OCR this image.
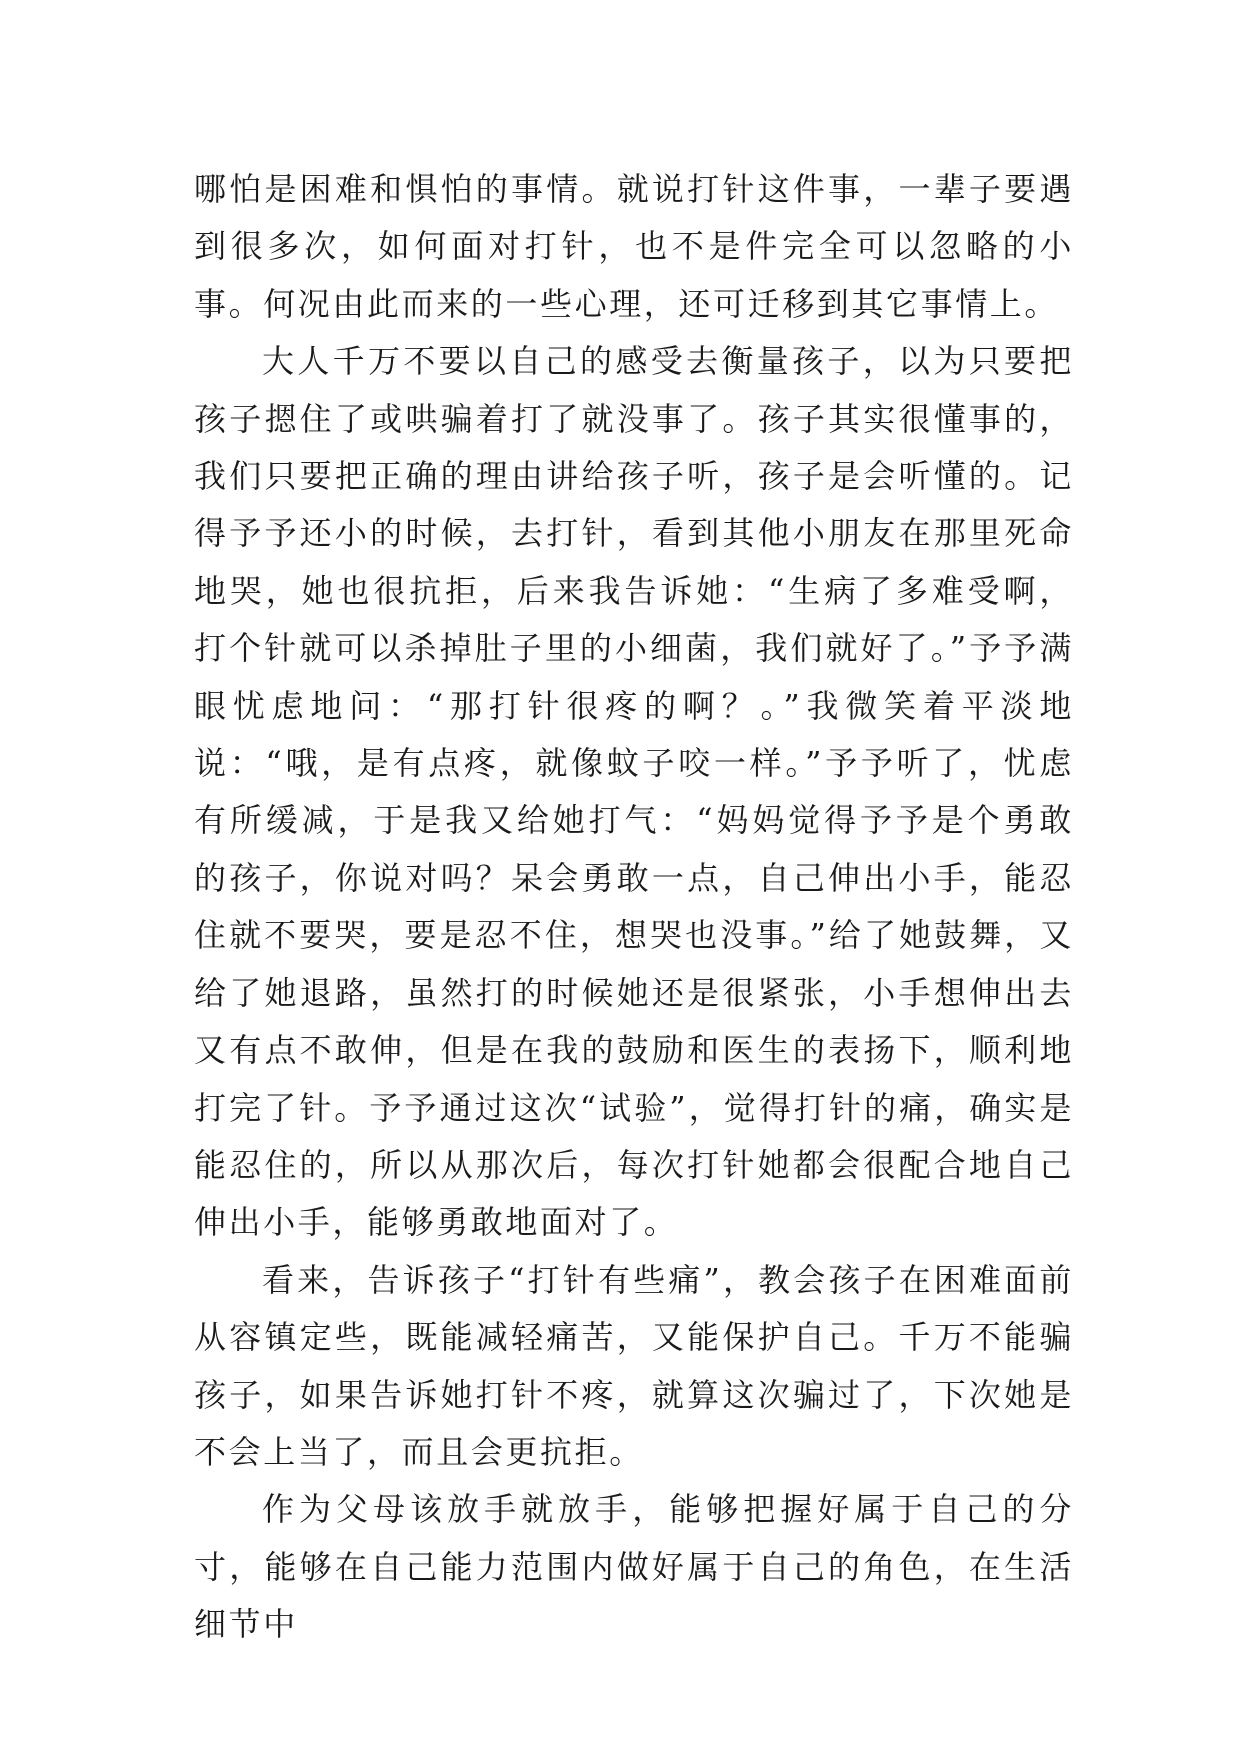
哪怕是困难和惧怕的事情。就说打针这件事，一辈子要遇到很多次，如何面对打针，也不是件完全可以忽略的小事。何况由此而来的一些心理，还可迁移到其它事情上。

大人千万不要以自己的感受去衡量孩子，以为只要把孩子摁住了或哄骗着打了就没事了。孩子其实很懂事的，我们只要把正确的理由讲给孩子听，孩子是会听懂的。记得予予还小的时候，去打针，看到其他小朋友在那里死命地哭，她也很抗拒，后来我告诉她：“生病了多难受啊，打个针就可以杀掉肚子里的小细菌，我们就好了。”予予满眼忧虑地问：“那打针很疼的啊？。”我微笑着平淡地说：“哦，是有点疼，就像蚊子咬一样。”予予听了，忧虑有所缓减，于是我又给她打气：“妈妈觉得予予是个勇敢的孩子，你说对吗？呆会勇敢一点，自己伸出小手，能忍住就不要哭，要是忍不住，想哭也没事。”给了她鼓舞，又给了她退路，虽然打的时候她还是很紧张，小手想伸出去又有点不敢伸，但是在我的鼓励和医生的表扬下，顺利地打完了针。予予通过这次“试验”，觉得打针的痛，确实是能忍住的，所以从那次后，每次打针她都会很配合地自己伸出小手，能够勇敢地面对了。

看来，告诉孩子“打针有些痛”，教会孩子在困难面前从容镇定些，既能减轻痛苦，又能保护自己。千万不能骗孩子，如果告诉她打针不疼，就算这次骗过了，下次她是不会上当了，而且会更抗拒。

作为父母该放手就放手，能够把握好属于自己的分寸，能够在自己能力范围内做好属于自己的角色，在生活细节中
